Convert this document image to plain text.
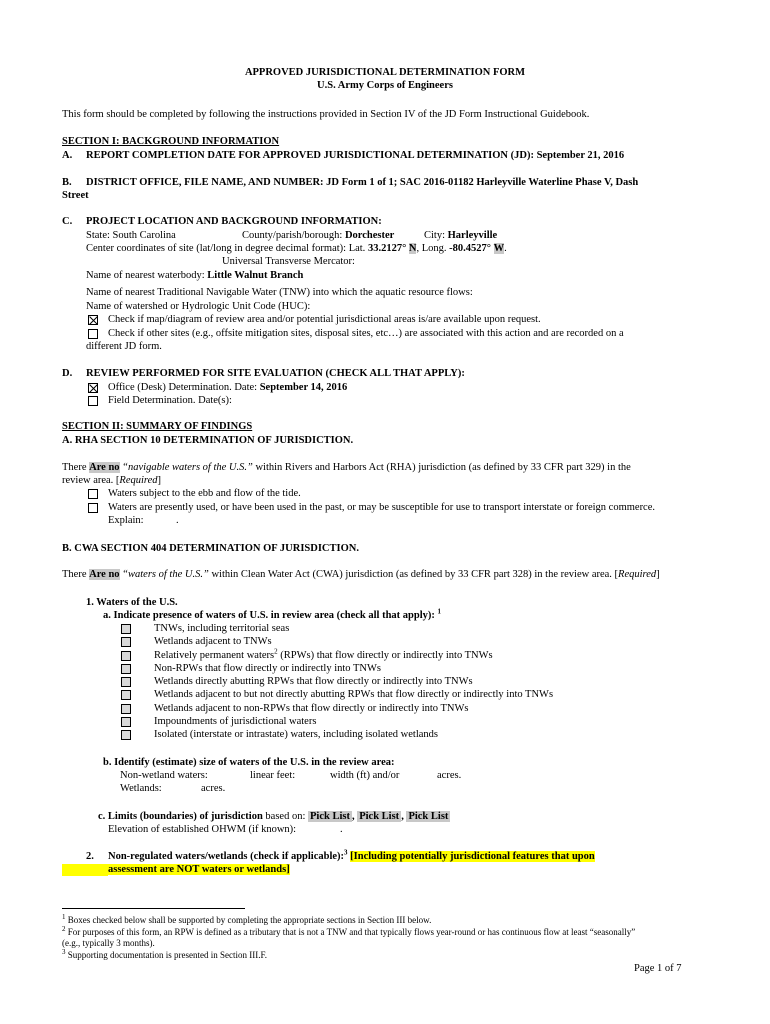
APPROVED JURISDICTIONAL DETERMINATION FORM
U.S. Army Corps of Engineers
This form should be completed by following the instructions provided in Section IV of the JD Form Instructional Guidebook.
SECTION I: BACKGROUND INFORMATION
A. REPORT COMPLETION DATE FOR APPROVED JURISDICTIONAL DETERMINATION (JD): September 21, 2016
B. DISTRICT OFFICE, FILE NAME, AND NUMBER: JD Form 1 of 1; SAC 2016-01182 Harleyville Waterline Phase V, Dash
Street
C. PROJECT LOCATION AND BACKGROUND INFORMATION:
State: South Carolina	County/parish/borough: Dorchester	City: Harleyville
Center coordinates of site (lat/long in degree decimal format): Lat. 33.2127° N, Long. -80.4527° W.
Universal Transverse Mercator:
Name of nearest waterbody: Little Walnut Branch
Name of nearest Traditional Navigable Water (TNW) into which the aquatic resource flows:
Name of watershed or Hydrologic Unit Code (HUC):
Check if map/diagram of review area and/or potential jurisdictional areas is/are available upon request.
Check if other sites (e.g., offsite mitigation sites, disposal sites, etc…) are associated with this action and are recorded on a
different JD form.
D. REVIEW PERFORMED FOR SITE EVALUATION (CHECK ALL THAT APPLY):
Office (Desk) Determination. Date: September 14, 2016
Field Determination. Date(s):
SECTION II: SUMMARY OF FINDINGS
A. RHA SECTION 10 DETERMINATION OF JURISDICTION.
There Are no “navigable waters of the U.S.” within Rivers and Harbors Act (RHA) jurisdiction (as defined by 33 CFR part 329) in the
review area. [Required]
Waters subject to the ebb and flow of the tide.
Waters are presently used, or have been used in the past, or may be susceptible for use to transport interstate or foreign commerce.
Explain:	.
B. CWA SECTION 404 DETERMINATION OF JURISDICTION.
There Are no “waters of the U.S.” within Clean Water Act (CWA) jurisdiction (as defined by 33 CFR part 328) in the review area. [Required]
1. Waters of the U.S.
a. Indicate presence of waters of U.S. in review area (check all that apply): $^1$
TNWs, including territorial seas
Wetlands adjacent to TNWs
Relatively permanent waters$^2$ (RPWs) that flow directly or indirectly into TNWs
Non-RPWs that flow directly or indirectly into TNWs
Wetlands directly abutting RPWs that flow directly or indirectly into TNWs
Wetlands adjacent to but not directly abutting RPWs that flow directly or indirectly into TNWs
Wetlands adjacent to non-RPWs that flow directly or indirectly into TNWs
Impoundments of jurisdictional waters
Isolated (interstate or intrastate) waters, including isolated wetlands
b. Identify (estimate) size of waters of the U.S. in the review area:
Non-wetland waters:	linear feet:	width (ft) and/or	acres.
Wetlands:	acres.
c. Limits (boundaries) of jurisdiction based on: Pick List , Pick List , Pick List
Elevation of established OHWM (if known):	.
2. Non-regulated waters/wetlands (check if applicable):$^3$ [Including potentially jurisdictional features that upon
assessment are NOT waters or wetlands]
$^1$ Boxes checked below shall be supported by completing the appropriate sections in Section III below.
$^2$ For purposes of this form, an RPW is defined as a tributary that is not a TNW and that typically flows year-round or has continuous flow at least “seasonally”
(e.g., typically 3 months).
$^3$ Supporting documentation is presented in Section III.F.
Page 1 of 7
